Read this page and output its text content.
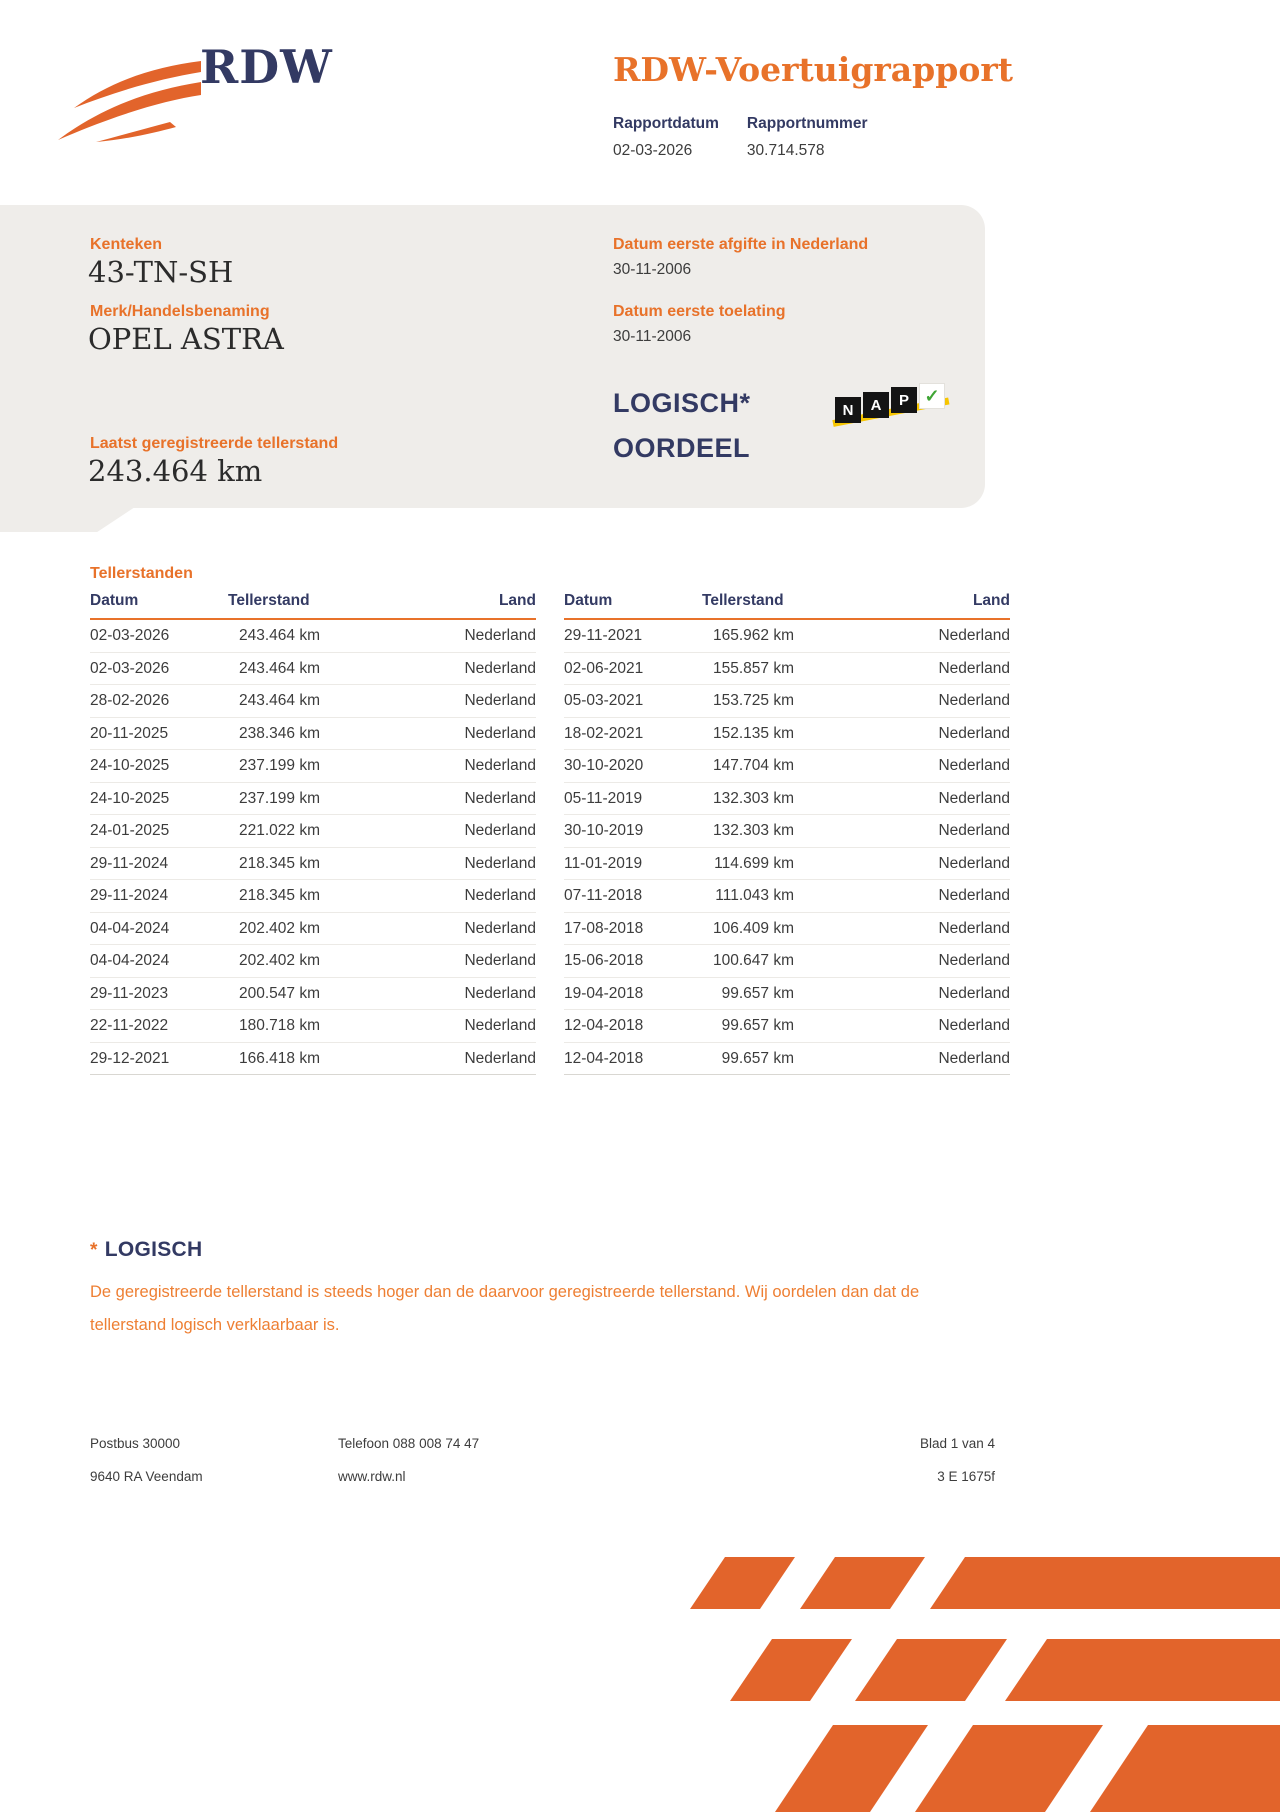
RDW	RDW-Voertuigrapport
Rapportdatum
02-03-2026
Rapportnummer
30.714.578
Kenteken
43-TN-SH
Merk/Handelsbenaming
OPEL ASTRA
Laatst geregistreerde tellerstand
243.464 km
Datum eerste afgifte in Nederland
30-11-2006
Datum eerste toelating
30-11-2006
LOGISCH*
OORDEEL
N	A	P ✓
Tellerstanden
Datum	Tellerstand	Land
02-03-2026	243.464 km	Nederland
02-03-2026	243.464 km	Nederland
28-02-2026	243.464 km	Nederland
20-11-2025	238.346 km	Nederland
24-10-2025	237.199 km	Nederland
24-10-2025	237.199 km	Nederland
24-01-2025	221.022 km	Nederland
29-11-2024	218.345 km	Nederland
29-11-2024	218.345 km	Nederland
04-04-2024	202.402 km	Nederland
04-04-2024	202.402 km	Nederland
29-11-2023	200.547 km	Nederland
22-11-2022	180.718 km	Nederland
29-12-2021	166.418 km	Nederland
Datum	Tellerstand	Land
29-11-2021	165.962 km	Nederland
02-06-2021	155.857 km	Nederland
05-03-2021	153.725 km	Nederland
18-02-2021	152.135 km	Nederland
30-10-2020	147.704 km	Nederland
05-11-2019	132.303 km	Nederland
30-10-2019	132.303 km	Nederland
11-01-2019	114.699 km	Nederland
07-11-2018	111.043 km	Nederland
17-08-2018	106.409 km	Nederland
15-06-2018	100.647 km	Nederland
19-04-2018	99.657 km	Nederland
12-04-2018	99.657 km	Nederland
12-04-2018	99.657 km	Nederland
* LOGISCH
De geregistreerde tellerstand is steeds hoger dan de daarvoor geregistreerde tellerstand. Wij oordelen dan dat de tellerstand logisch verklaarbaar is.
Postbus 30000
9640 RA Veendam
Telefoon 088 008 74 47
www.rdw.nl
Blad 1 van 4
3 E 1675f
